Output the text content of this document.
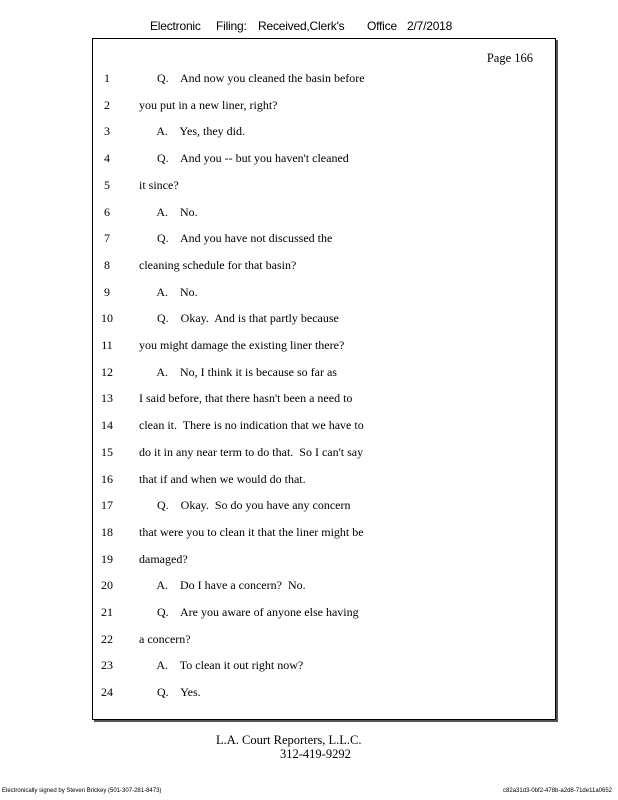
Electronic Filing: Received,Clerk's Office 2/7/2018
Page 166
1	Q.    And now you cleaned the basin before
2	you put in a new liner, right?
3	A.    Yes, they did.
4	Q.    And you -- but you haven't cleaned
5	it since?
6	A.    No.
7	Q.    And you have not discussed the
8	cleaning schedule for that basin?
9	A.    No.
10	Q.    Okay.  And is that partly because
11	you might damage the existing liner there?
12	A.    No, I think it is because so far as
13	I said before, that there hasn't been a need to
14	clean it.  There is no indication that we have to
15	do it in any near term to do that.  So I can't say
16	that if and when we would do that.
17	Q.    Okay.  So do you have any concern
18	that were you to clean it that the liner might be
19	damaged?
20	A.    Do I have a concern?  No.
21	Q.    Are you aware of anyone else having
22	a concern?
23	A.    To clean it out right now?
24	Q.    Yes.
L.A. Court Reporters, L.L.C.
312-419-9292
Electronically signed by Steven Brickey (501-307-281-8473)	c82a31d3-0bf2-478b-a2d8-71de11a0652
